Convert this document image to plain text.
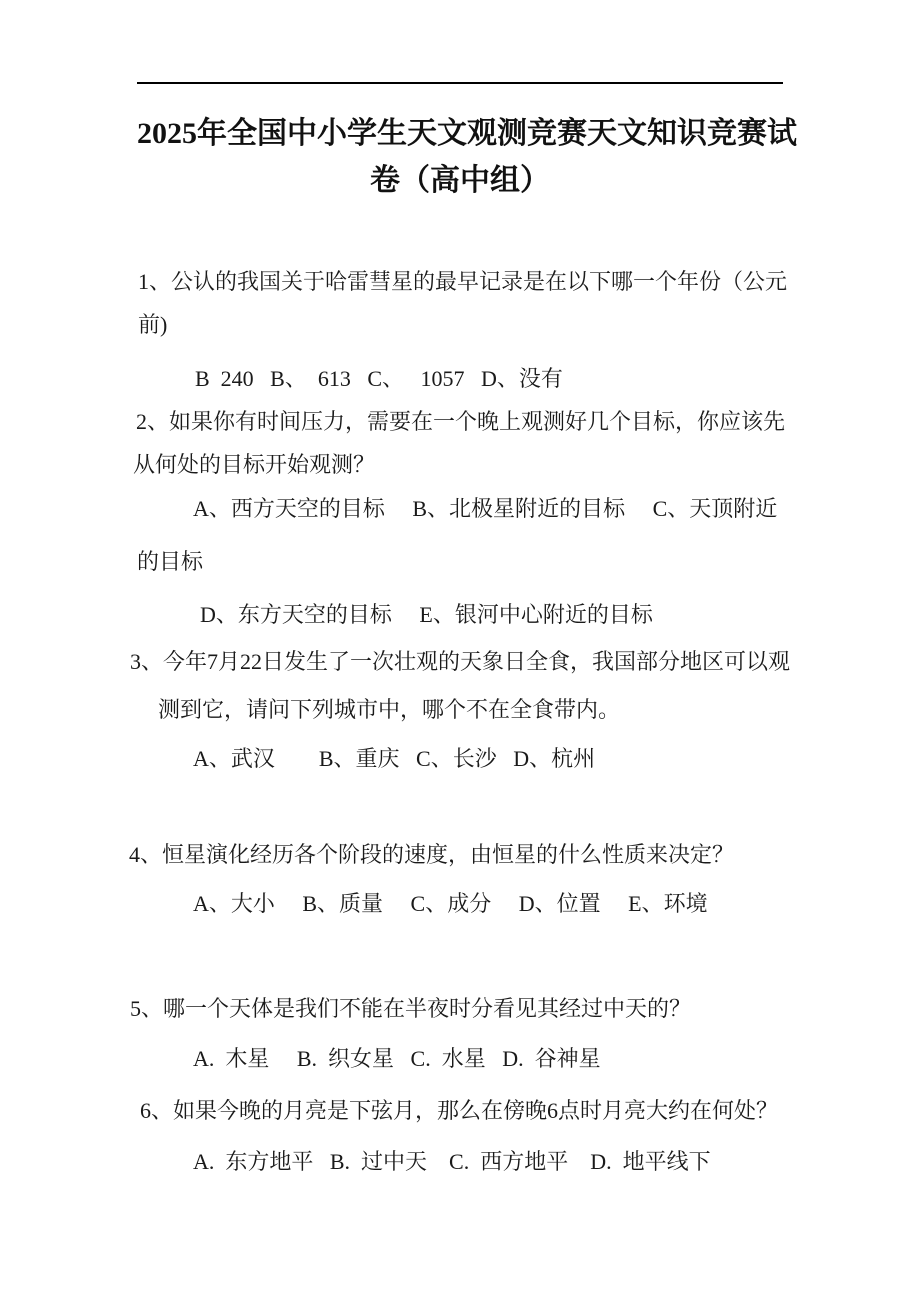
2025年全国中小学生天文观测竞赛天文知识竞赛试
卷（高中组）
1、公认的我国关于哈雷彗星的最早记录是在以下哪一个年份（公元
前)
B  240   B、  613   C、   1057   D、没有
2、如果你有时间压力，需要在一个晚上观测好几个目标，你应该先
从何处的目标开始观测？
A、西方天空的目标     B、北极星附近的目标     C、天顶附近
的目标
D、东方天空的目标     E、银河中心附近的目标
3、今年7月22日发生了一次壮观的天象日全食，我国部分地区可以观
测到它，请问下列城市中，哪个不在全食带内。
A、武汉        B、重庆   C、长沙   D、杭州
4、恒星演化经历各个阶段的速度，由恒星的什么性质来决定？
A、大小     B、质量     C、成分     D、位置     E、环境
5、哪一个天体是我们不能在半夜时分看见其经过中天的？
A.  木星     B.  织女星   C.  水星   D.  谷神星
6、如果今晚的月亮是下弦月，那么在傍晚6点时月亮大约在何处？
A.  东方地平   B.  过中天    C.  西方地平    D.  地平线下
